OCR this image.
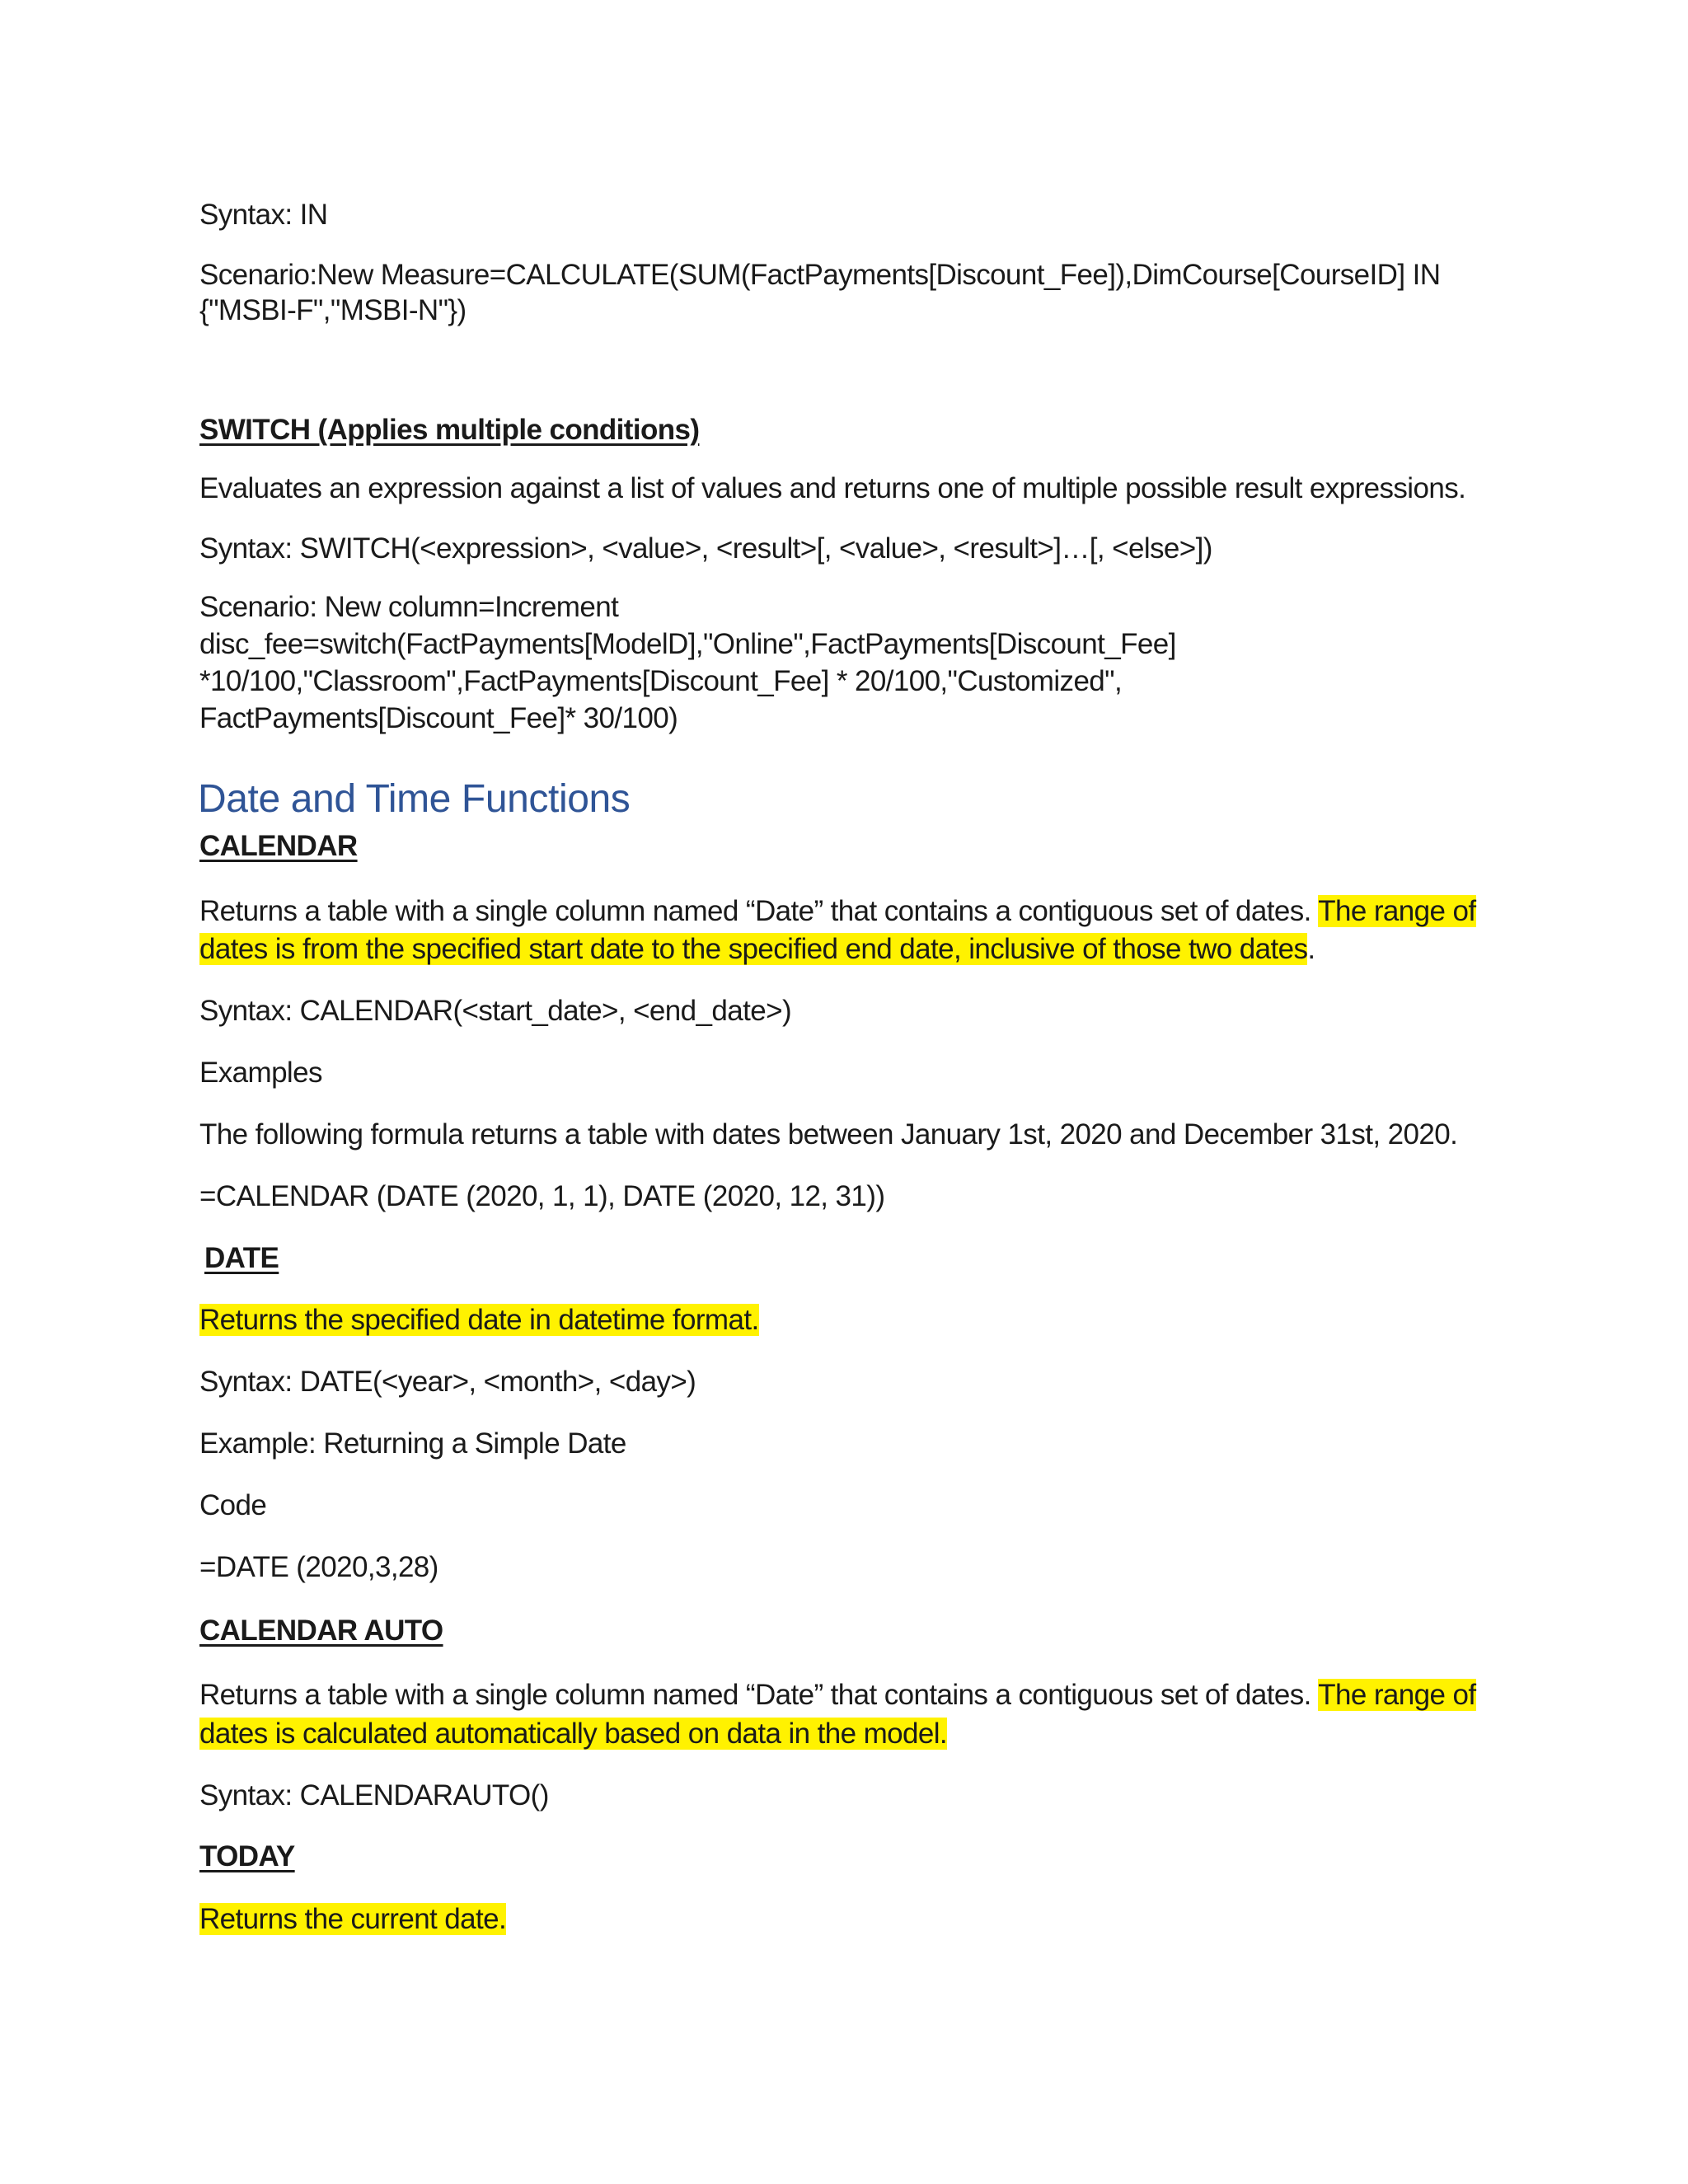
Syntax: IN
Scenario:New Measure=CALCULATE(SUM(FactPayments[Discount_Fee]),DimCourse[CourseID] IN
{"MSBI-F","MSBI-N"})
SWITCH (Applies multiple conditions)
Evaluates an expression against a list of values and returns one of multiple possible result expressions.
Syntax: SWITCH(<expression>, <value>, <result>[, <value>, <result>]…[, <else>])
Scenario: New column=Increment
disc_fee=switch(FactPayments[ModelD],"Online",FactPayments[Discount_Fee]
*10/100,"Classroom",FactPayments[Discount_Fee] * 20/100,"Customized",
FactPayments[Discount_Fee]* 30/100)
Date and Time Functions
CALENDAR
Returns a table with a single column named “Date” that contains a contiguous set of dates. The range of
dates is from the specified start date to the specified end date, inclusive of those two dates.
Syntax: CALENDAR(<start_date>, <end_date>)
Examples
The following formula returns a table with dates between January 1st, 2020 and December 31st, 2020.
=CALENDAR (DATE (2020, 1, 1), DATE (2020, 12, 31))
DATE
Returns the specified date in datetime format.
Syntax: DATE(<year>, <month>, <day>)
Example: Returning a Simple Date
Code
=DATE (2020,3,28)
CALENDAR AUTO
Returns a table with a single column named “Date” that contains a contiguous set of dates. The range of
dates is calculated automatically based on data in the model.
Syntax: CALENDARAUTO()
TODAY
Returns the current date.
